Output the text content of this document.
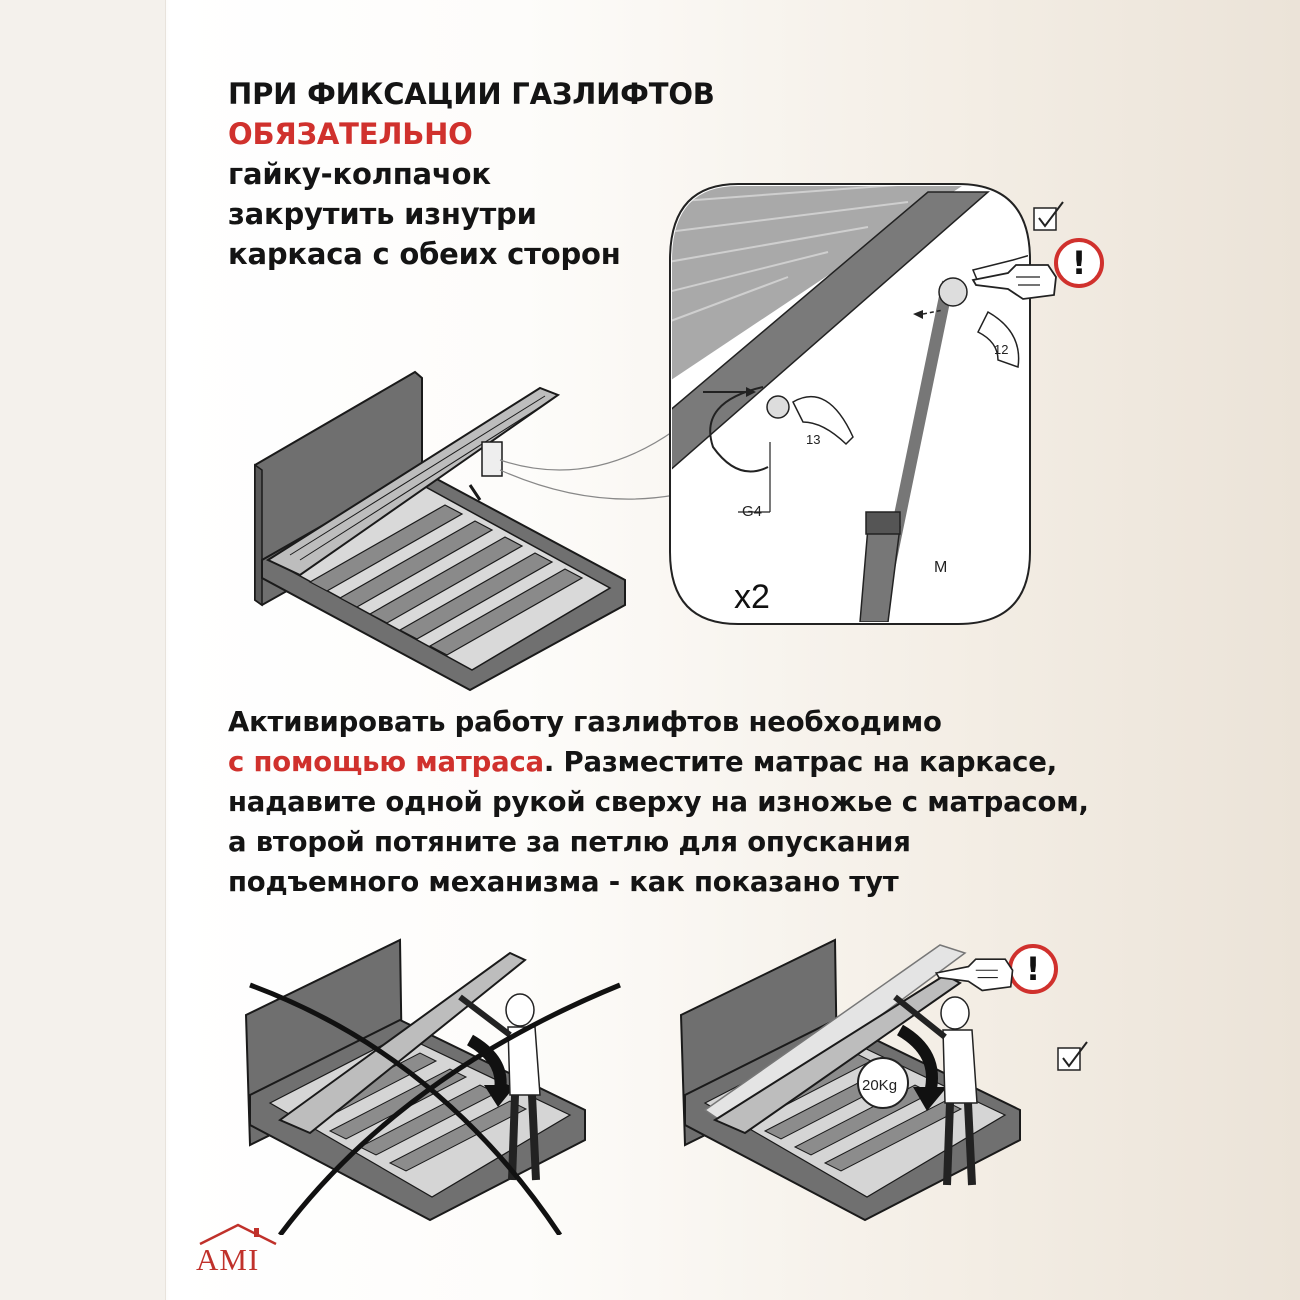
ПРИ ФИКСАЦИИ ГАЗЛИФТОВ
ОБЯЗАТЕЛЬНО
гайку-колпачок
закрутить изнутри
каркаса с обеих сторон
13
12
G4
M
x2
!
Активировать работу газлифтов необходимо
с помощью матраса. Разместите матрас на каркасе,
надавите одной рукой сверху на изножье с матрасом,
а второй потяните за петлю для опускания
подъемного механизма - как показано тут
20Kg
!
AMI
